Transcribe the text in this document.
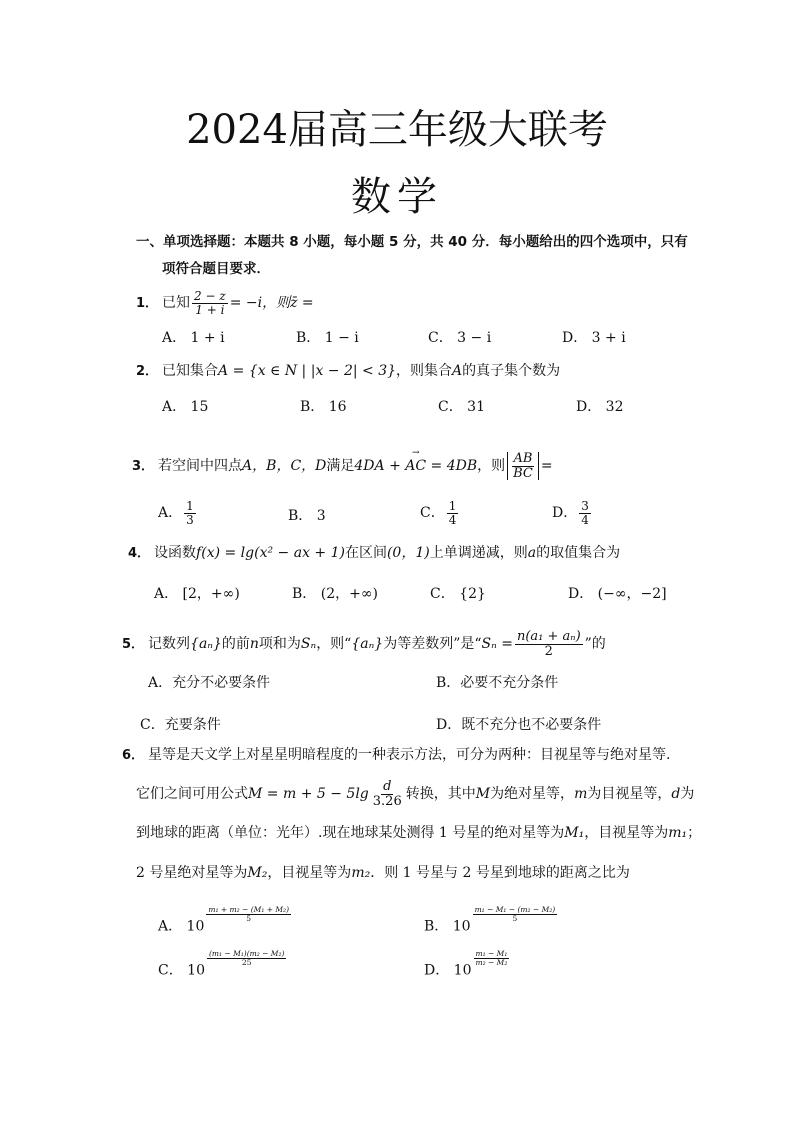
2024届高三年级大联考
数学
一、单项选择题：本题共 8 小题，每小题 5 分，共 40 分．每小题给出的四个选项中，只有
项符合题目要求．
1． 已知 $\frac{2 - z}{1 + i} = -i$，则z̄ =
A． 1 + i	B． 1 − i	C． 3 − i	D． 3 + i
2． 已知集合A = {x ∈ N | |x − 2| < 3}，则集合A的真子集个数为
A． 15	B． 16	C． 31	D． 32
3． 若空间中四点A，B，C，D满足→ 4DA + AC = 4DB，则 $\frac{AB}{BC}$ =
A． $\frac{1}{3}$	B． 3	C． $\frac{1}{4}$	D． $\frac{3}{4}$
4． 设函数f(x) = lg(x² − ax + 1)在区间(0，1)上单调递减，则a的取值集合为
A． [2，+∞)	B． (2，+∞)	C． {2}	D． (−∞，−2]
5． 记数列{aₙ}的前n项和为Sₙ，则“{aₙ}为等差数列”是“$S_n = \frac{\text{n(a₁ + aₙ)}}{2}$ ”的
A．充分不必要条件	B．必要不充分条件
C．充要条件	D．既不充分也不必要条件
6． 星等是天文学上对星星明暗程度的一种表示方法，可分为两种：目视星等与绝对星等.
它们之间可用公式$M = m + 5 - 5\lg \frac{d}{3.26}$ 转换，其中M为绝对星等，m为目视星等，d为
到地球的距离（单位：光年）.现在地球某处测得 1 号星的绝对星等为M₁，目视星等为m₁；
2 号星绝对星等为M₂，目视星等为m₂．则 1 号星与 2 号星到地球的距离之比为
A． 10
$\frac{\text{m₁ + m₂ − (M₁ + M₂)}}{5}$
B． 10
$\frac{\text{m₁ − M₁ − (m₂ − M₂)}}{5}$
C． 10
$\frac{\text{(m₁ − M₁)(m₂ − M₂)}}{25}$
D． 10
$\frac{\text{m₁ − M₁}}{\text{m₂ − M₂}}$
